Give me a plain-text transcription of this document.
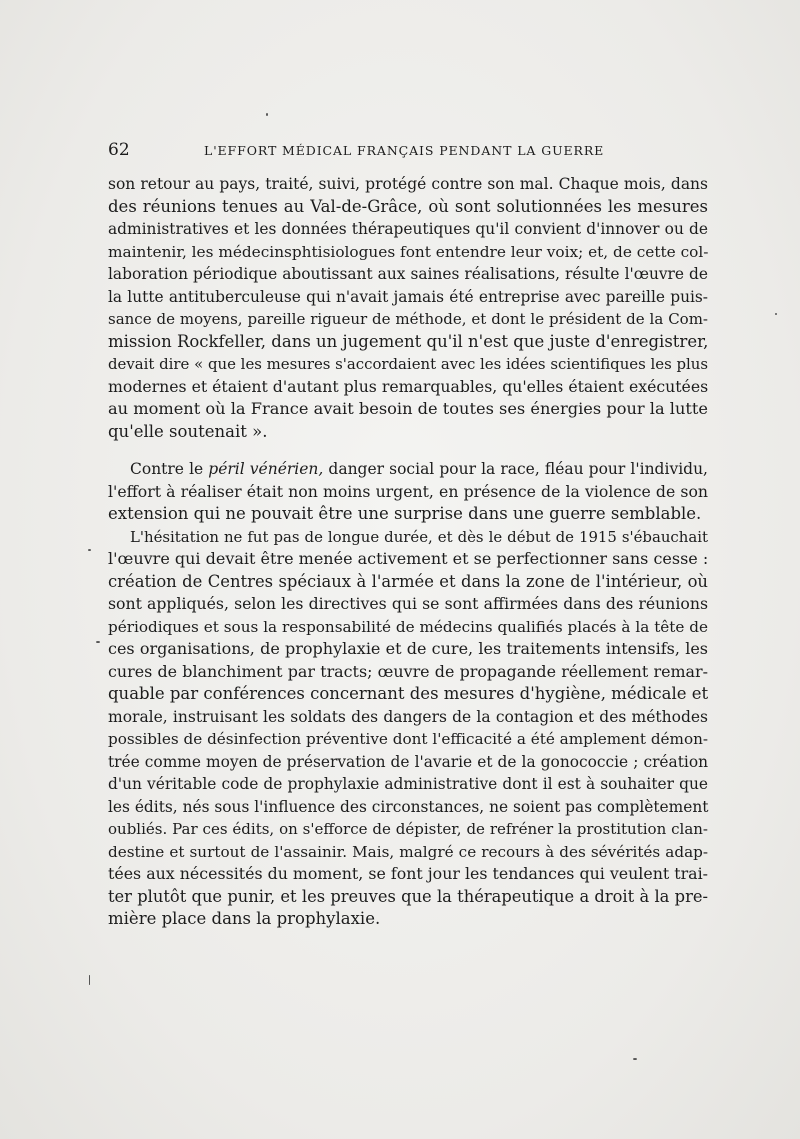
62	L'EFFORT MÉDICAL FRANÇAIS PENDANT LA GUERRE
son retour au pays, traité, suivi, protégé contre son mal. Chaque mois, dans
des réunions tenues au Val-de-Grâce, où sont solutionnées les mesures
administratives et les données thérapeutiques qu'il convient d'innover ou de
maintenir, les médecinsphtisiologues font entendre leur voix; et, de cette col-
laboration périodique aboutissant aux saines réalisations, résulte l'œuvre de
la lutte antituberculeuse qui n'avait jamais été entreprise avec pareille puis-
sance de moyens, pareille rigueur de méthode, et dont le président de la Com-
mission Rockfeller, dans un jugement qu'il n'est que juste d'enregistrer,
devait dire « que les mesures s'accordaient avec les idées scientifiques les plus
modernes et étaient d'autant plus remarquables, qu'elles étaient exécutées
au moment où la France avait besoin de toutes ses énergies pour la lutte
qu'elle soutenait ».
Contre le péril vénérien, danger social pour la race, fléau pour l'individu,
l'effort à réaliser était non moins urgent, en présence de la violence de son
extension qui ne pouvait être une surprise dans une guerre semblable.
L'hésitation ne fut pas de longue durée, et dès le début de 1915 s'ébauchait
l'œuvre qui devait être menée activement et se perfectionner sans cesse :
création de Centres spéciaux à l'armée et dans la zone de l'intérieur, où
sont appliqués, selon les directives qui se sont affirmées dans des réunions
périodiques et sous la responsabilité de médecins qualifiés placés à la tête de
ces organisations, de prophylaxie et de cure, les traitements intensifs, les
cures de blanchiment par tracts; œuvre de propagande réellement remar-
quable par conférences concernant des mesures d'hygiène, médicale et
morale, instruisant les soldats des dangers de la contagion et des méthodes
possibles de désinfection préventive dont l'efficacité a été amplement démon-
trée comme moyen de préservation de l'avarie et de la gonococcie ; création
d'un véritable code de prophylaxie administrative dont il est à souhaiter que
les édits, nés sous l'influence des circonstances, ne soient pas complètement
oubliés. Par ces édits, on s'efforce de dépister, de refréner la prostitution clan-
destine et surtout de l'assainir. Mais, malgré ce recours à des sévérités adap-
tées aux nécessités du moment, se font jour les tendances qui veulent trai-
ter plutôt que punir, et les preuves que la thérapeutique a droit à la pre-
mière place dans la prophylaxie.
